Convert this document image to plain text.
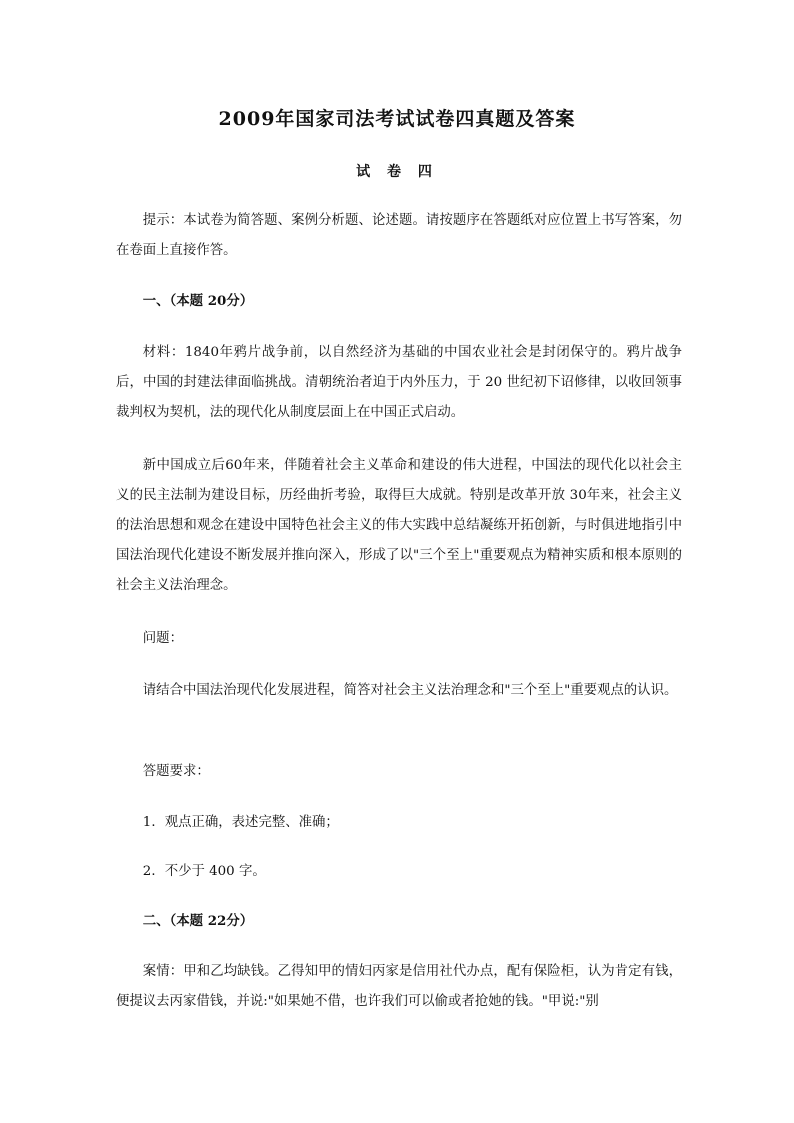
2009年国家司法考试试卷四真题及答案
试 卷 四

提示：本试卷为简答题、案例分析题、论述题。请按题序在答题纸对应位置上书写答案，勿在卷面上直接作答。

一、（本题 20分）

材料：1840年鸦片战争前，以自然经济为基础的中国农业社会是封闭保守的。鸦片战争后，中国的封建法律面临挑战。清朝统治者迫于内外压力，于 20 世纪初下诏修律，以收回领事裁判权为契机，法的现代化从制度层面上在中国正式启动。

新中国成立后60年来，伴随着社会主义革命和建设的伟大进程，中国法的现代化以社会主义的民主法制为建设目标，历经曲折考验，取得巨大成就。特别是改革开放 30年来，社会主义的法治思想和观念在建设中国特色社会主义的伟大实践中总结凝练开拓创新，与时俱进地指引中国法治现代化建设不断发展并推向深入，形成了以"三个至上"重要观点为精神实质和根本原则的社会主义法治理念。

问题：

请结合中国法治现代化发展进程，简答对社会主义法治理念和"三个至上"重要观点的认识。

答题要求：

1．观点正确，表述完整、准确；

2．不少于 400 字。

二、（本题 22分）

案情：甲和乙均缺钱。乙得知甲的情妇丙家是信用社代办点，配有保险柜，认为肯定有钱，便提议去丙家借钱，并说:"如果她不借，也许我们可以偷或者抢她的钱。"甲说:"别
